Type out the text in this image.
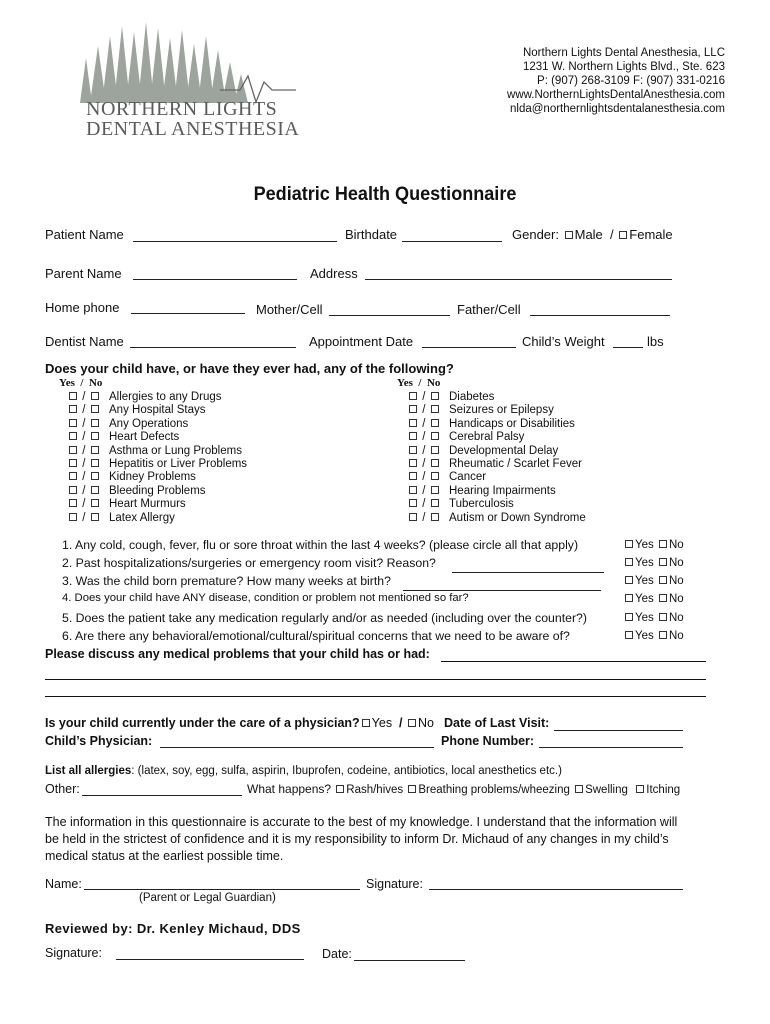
NORTHERN LIGHTS
DENTAL ANESTHESIA
Northern Lights Dental Anesthesia, LLC
1231 W. Northern Lights Blvd., Ste. 623
P: (907) 268-3109 F: (907) 331-0216
www.NorthernLightsDentalAnesthesia.com
nlda@northernlightsdentalanesthesia.com
Pediatric Health Questionnaire
Patient Name	Birthdate	Gender: Male / Female
Parent Name	Address
Home phone	Mother/Cell	Father/Cell
Dentist Name	Appointment Date	Child’s Weight	lbs
Does your child have, or have they ever had, any of the following?
Yes  /  No	Yes  /  No
/ Allergies to any Drugs
/ Any Hospital Stays
/ Any Operations
/ Heart Defects
/ Asthma or Lung Problems
/ Hepatitis or Liver Problems
/ Kidney Problems
/ Bleeding Problems
/ Heart Murmurs
/ Latex Allergy
/ Diabetes
/ Seizures or Epilepsy
/ Handicaps or Disabilities
/ Cerebral Palsy
/ Developmental Delay
/ Rheumatic / Scarlet Fever
/ Cancer
/ Hearing Impairments
/ Tuberculosis
/ Autism or Down Syndrome
1. Any cold, cough, fever, flu or sore throat within the last 4 weeks? (please circle all that apply)	Yes No
2. Past hospitalizations/surgeries or emergency room visit? Reason?	Yes No
3. Was the child born premature? How many weeks at birth?	Yes No
4. Does your child have ANY disease, condition or problem not mentioned so far?	Yes No
5. Does the patient take any medication regularly and/or as needed (including over the counter?)	Yes No
6. Are there any behavioral/emotional/cultural/spiritual concerns that we need to be aware of?	Yes No
Please discuss any medical problems that your child has or had:
Is your child currently under the care of a physician? Yes  / No Date of Last Visit:
Child’s Physician:	Phone Number:
List all allergies: (latex, soy, egg, sulfa, aspirin, Ibuprofen, codeine, antibiotics, local anesthetics etc.)
Other:	What happens? Rash/hives Breathing problems/wheezing Swelling Itching
The information in this questionnaire is accurate to the best of my knowledge. I understand that the information will be held in the strictest of confidence and it is my responsibility to inform Dr. Michaud of any changes in my child’s medical status at the earliest possible time.
Name:
(Parent or Legal Guardian)
Signature:
Reviewed by: Dr. Kenley Michaud, DDS
Signature:	Date:
